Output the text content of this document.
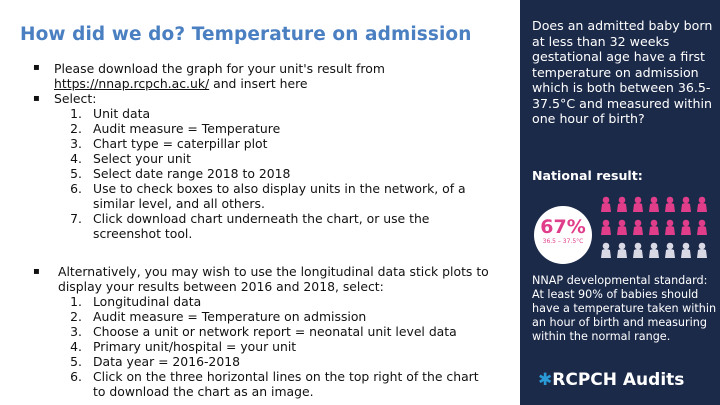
How did we do? Temperature on admission
▪ Please download the graph for your unit's result from
https://nnap.rcpch.ac.uk/ and insert here
▪ Select:
1. Unit data
2. Audit measure = Temperature
3. Chart type = caterpillar plot
4. Select your unit
5. Select date range 2018 to 2018
6. Use to check boxes to also display units in the network, of a
similar level, and all others.
7. Click download chart underneath the chart, or use the
screenshot tool.
▪ Alternatively, you may wish to use the longitudinal data stick plots to
display your results between 2016 and 2018, select:
1. Longitudinal data
2. Audit measure = Temperature on admission
3. Choose a unit or network report = neonatal unit level data
4. Primary unit/hospital = your unit
5. Data year = 2016-2018
6. Click on the three horizontal lines on the top right of the chart
to download the chart as an image.
Does an admitted baby born at less than 32 weeks gestational age have a first temperature on admission which is both between 36.5-37.5°C and measured within one hour of birth?
National result:
67%
36.5 – 37.5°C
NNAP developmental standard: At least 90% of babies should have a temperature taken within an hour of birth and measuring within the normal range.
✱RCPCH Audits
